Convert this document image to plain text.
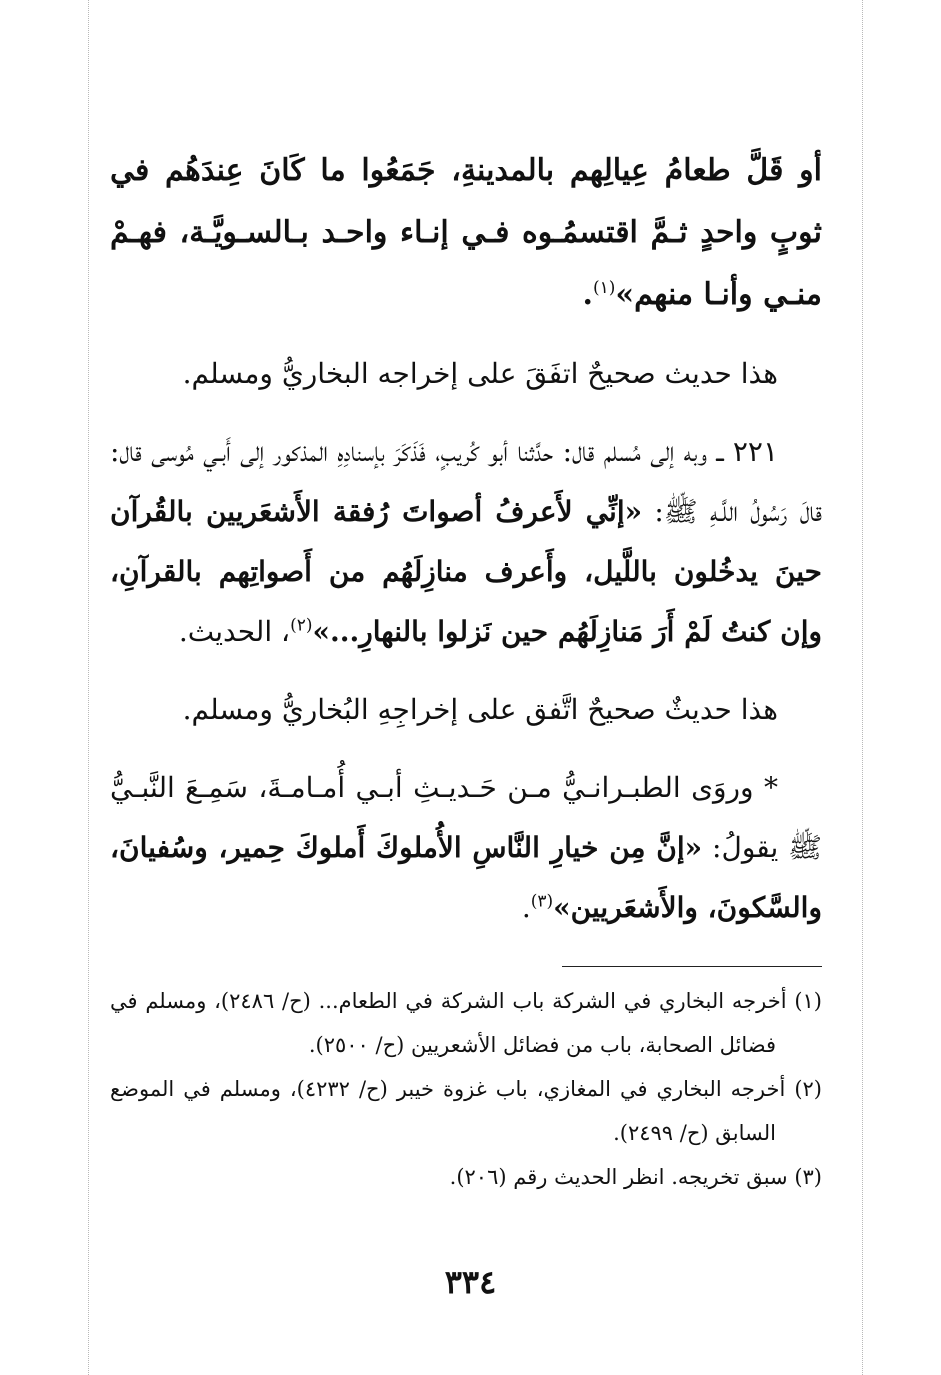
أو قَلَّ طعامُ عِيالِهم بالمدينةِ، جَمَعُوا ما كَانَ عِندَهُم في ثوبٍ واحدٍ ثـمَّ اقتسمُـوه فـي إنـاء واحـد بـالسـويَّـة، فهـمْ منـي وأنـا منهم»$^{(١)}$.

هذا حديث صحيحٌ اتفَقَ على إخراجه البخاريُّ ومسلم.

٢٢١ ــ وبه إلى مُسلم قال: حدَّثنا أبو كُريبٍ، فَذَكَرَ بإسنادِهِ المذكور إلى أَبـي مُوسى قال: قالَ رَسُولُ اللَّـهِ ﷺ: «إنِّي لأَعرفُ أصواتَ رُفقة الأَشعَريين بالقُرآن حينَ يدخُلون باللَّيل، وأَعرف منازِلَهُم من أَصواتِهم بالقرآنِ، وإن كنتُ لَمْ أَرَ مَنازِلَهُم حين نَزلوا بالنهارِ...»$^{(٢)}$، الحديث.

هذا حديثٌ صحيحٌ اتَّفق على إخراجِهِ البُخاريُّ ومسلم.

* وروَى الطبـرانـيُّ مـن حَـديـثِ أبـي أُمـامـةَ، سَمِـعَ النَّبـيُّ ﷺ يقولُ: «إنَّ مِن خيارِ النَّاسِ الأُملوكَ أَملوكَ حِمير، وسُفيانَ، والسَّكونَ، والأَشعَريين»$^{(٣)}$.

(١) أخرجه البخاري في الشركة باب الشركة في الطعام... (ح/ ٢٤٨٦)، ومسلم في فضائل الصحابة، باب من فضائل الأشعريين (ح/ ٢٥٠٠).
(٢) أخرجه البخاري في المغازي، باب غزوة خيبر (ح/ ٤٢٣٢)، ومسلم في الموضع السابق (ح/ ٢٤٩٩).
(٣) سبق تخريجه. انظر الحديث رقم (٢٠٦).
٣٣٤
